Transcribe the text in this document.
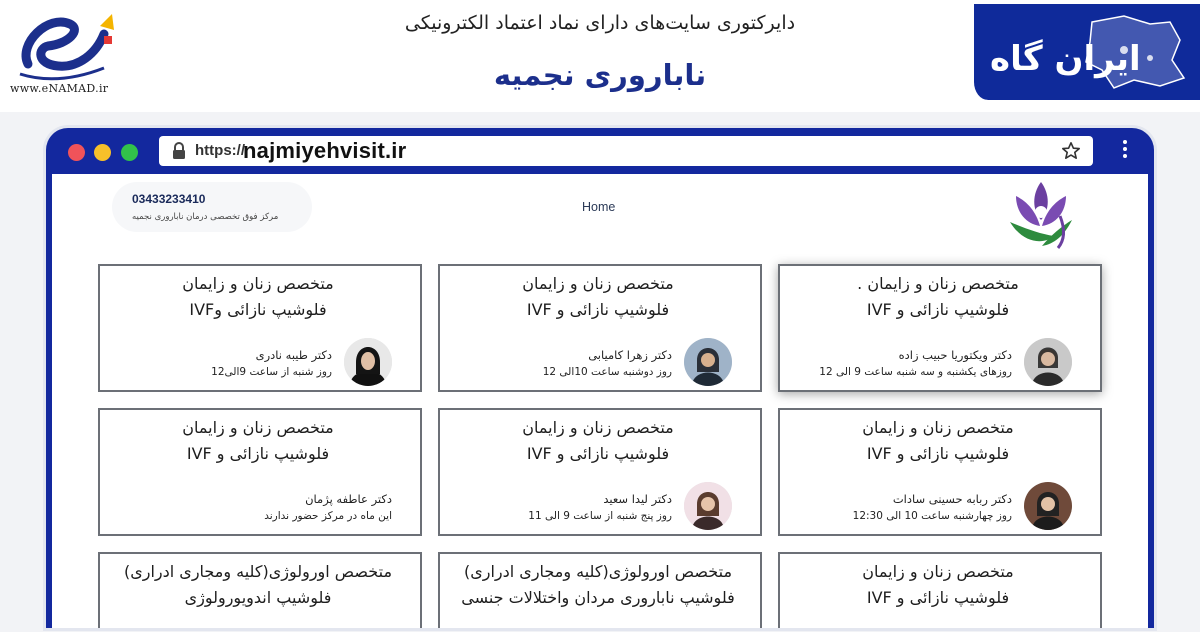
www.eNAMAD.ir
دایرکتوری سایت‌های دارای نماد اعتماد الکترونیکی
ناباروری نجمیه	ایران گاه
https://
najmiyehvisit.ir
03433233410
مرکز فوق تخصصی درمان ناباروری نجمیه
Home
متخصص زنان و زایمان .
فلوشیپ نازائی و IVF
دکتر ویکتوریا حبیب زاده
روزهای یکشنبه و سه شنبه ساعت 9 الی 12
متخصص زنان و زایمان
فلوشیپ نازائی و IVF
دکتر زهرا کامیابی
روز دوشنبه ساعت 10الی 12
متخصص زنان و زایمان
فلوشیپ نازائی وIVF
دکتر طیبه نادری
روز شنبه از ساعت 9الی12
متخصص زنان و زایمان
فلوشیپ نازائی و IVF
دکتر ربابه حسینی سادات
روز چهارشنبه ساعت 10 الی 12:30
متخصص زنان و زایمان
فلوشیپ نازائی و IVF
دکتر لیدا سعید
روز پنج شنبه از ساعت 9 الی 11
متخصص زنان و زایمان
فلوشیپ نازائی و IVF
دکتر عاطفه پژمان
این ماه در مرکز حضور ندارند
متخصص زنان و زایمان
فلوشیپ نازائی و IVF
متخصص اورولوژی(کلیه ومجاری ادراری)
فلوشیپ ناباروری مردان واختلالات جنسی
متخصص اورولوژی(کلیه ومجاری ادراری)
فلوشیپ اندویورولوژی
